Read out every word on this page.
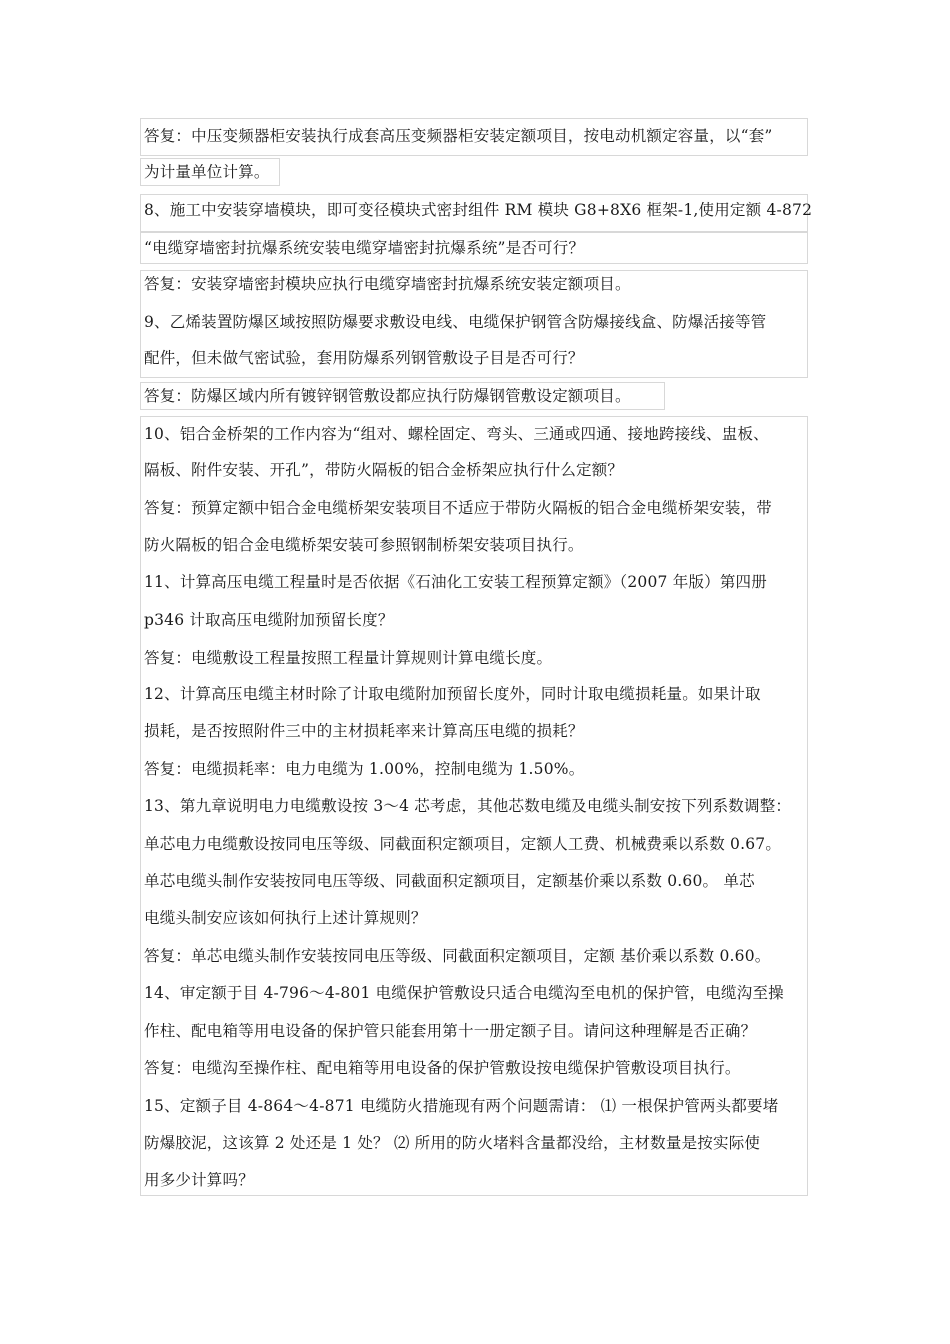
答复：中压变频器柜安装执行成套高压变频器柜安装定额项目，按电动机额定容量，以“套”
为计量单位计算。
8、施工中安装穿墙模块，即可变径模块式密封组件 RM 模块 G8+8X6 框架-1,使用定额 4-872
“电缆穿墙密封抗爆系统安装电缆穿墙密封抗爆系统”是否可行？
答复：安装穿墙密封模块应执行电缆穿墙密封抗爆系统安装定额项目。
9、乙烯装置防爆区域按照防爆要求敷设电线、电缆保护钢管含防爆接线盒、防爆活接等管
配件，但未做气密试验，套用防爆系列钢管敷设子目是否可行？
答复：防爆区域内所有镀锌钢管敷设都应执行防爆钢管敷设定额项目。
10、铝合金桥架的工作内容为“组对、螺栓固定、弯头、三通或四通、接地跨接线、盅板、
隔板、附件安装、开孔”，带防火隔板的铝合金桥架应执行什么定额？
答复：预算定额中铝合金电缆桥架安装项目不适应于带防火隔板的铝合金电缆桥架安装，带
防火隔板的铝合金电缆桥架安装可参照钢制桥架安装项目执行。
11、计算高压电缆工程量时是否依据《石油化工安装工程预算定额》（2007 年版）第四册
p346 计取高压电缆附加预留长度？
答复：电缆敷设工程量按照工程量计算规则计算电缆长度。
12、计算高压电缆主材时除了计取电缆附加预留长度外，同时计取电缆损耗量。如果计取
损耗，是否按照附件三中的主材损耗率来计算高压电缆的损耗？
答复：电缆损耗率：电力电缆为 1.00%，控制电缆为 1.50%。
13、第九章说明电力电缆敷设按 3～4 芯考虑，其他芯数电缆及电缆头制安按下列系数调整：
单芯电力电缆敷设按同电压等级、同截面积定额项目，定额人工费、机械费乘以系数 0.67。
单芯电缆头制作安装按同电压等级、同截面积定额项目，定额基价乘以系数 0.60。 单芯
电缆头制安应该如何执行上述计算规则？
答复：单芯电缆头制作安装按同电压等级、同截面积定额项目，定额 基价乘以系数 0.60。
14、审定额于目 4-796～4-801 电缆保护管敷设只适合电缆沟至电机的保护管，电缆沟至操
作柱、配电箱等用电设备的保护管只能套用第十一册定额子目。请问这种理解是否正确？
答复：电缆沟至操作柱、配电箱等用电设备的保护管敷设按电缆保护管敷设项目执行。
15、定额子目 4-864～4-871 电缆防火措施现有两个问题需请： ⑴ 一根保护管两头都要堵
防爆胶泥，这该算 2 处还是 1 处？ ⑵ 所用的防火堵料含量都没给，主材数量是按实际使
用多少计算吗？
